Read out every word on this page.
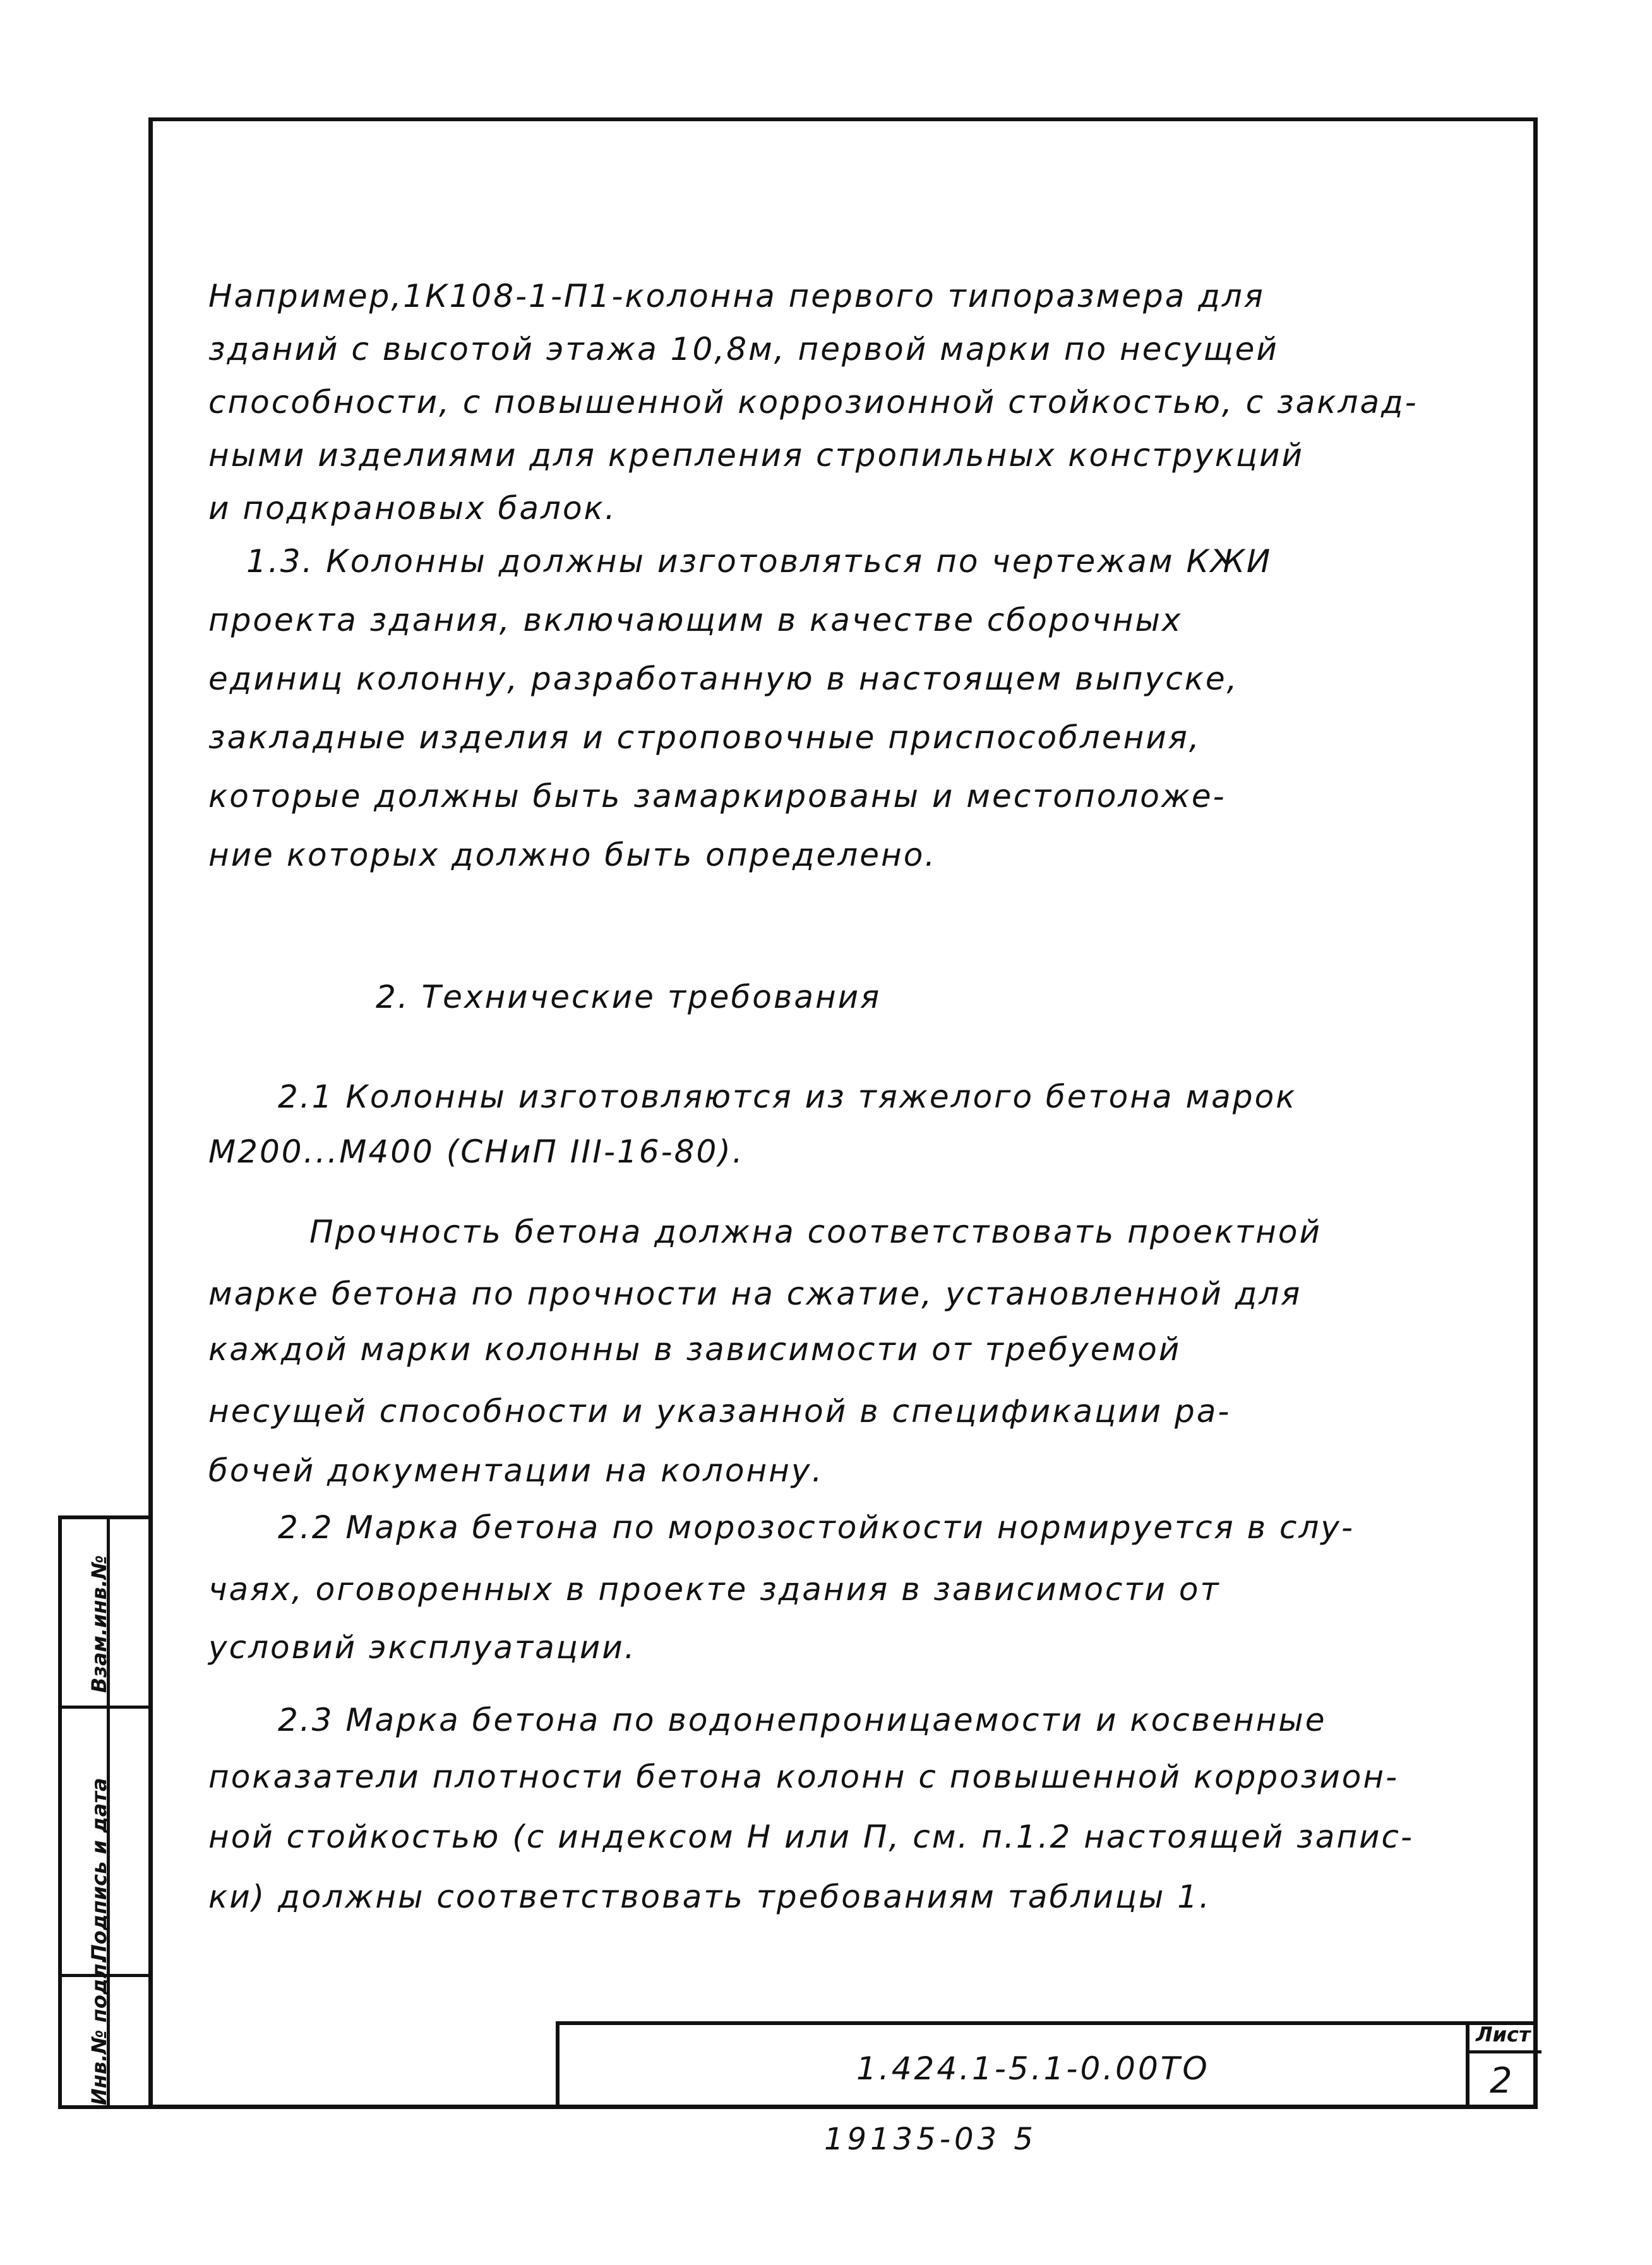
Например,1К108-1-П1-колонна первого типоразмера для
зданий с высотой этажа 10,8м, первой марки по несущей
способности, с повышенной коррозионной стойкостью, с заклад-
ными изделиями для крепления стропильных конструкций
и подкрановых балок.
1.3. Колонны должны изготовляться по чертежам КЖИ
проекта здания, включающим в качестве сборочных
единиц колонну, разработанную в настоящем выпуске,
закладные изделия и строповочные приспособления,
которые должны быть замаркированы и местоположе-
ние которых должно быть определено.
2. Технические требования
2.1 Колонны изготовляются из тяжелого бетона марок
М200...М400 (СНиП III-16-80).
Прочность бетона должна соответствовать проектной
марке бетона по прочности на сжатие, установленной для
каждой марки колонны в зависимости от требуемой
несущей способности и указанной в спецификации ра-
бочей документации на колонну.
2.2 Марка бетона по морозостойкости нормируется в слу-
чаях, оговоренных в проекте здания в зависимости от
условий эксплуатации.
2.3 Марка бетона по водонепроницаемости и косвенные
показатели плотности бетона колонн с повышенной коррозион-
ной стойкостью (с индексом Н или П, см. п.1.2 настоящей запис-
ки) должны соответствовать требованиям таблицы 1.
Взам.инв.№
Подпись и дата
Инв.№ подл.	1.424.1-5.1-0.00ТО
Лист
2
19135-03 5
